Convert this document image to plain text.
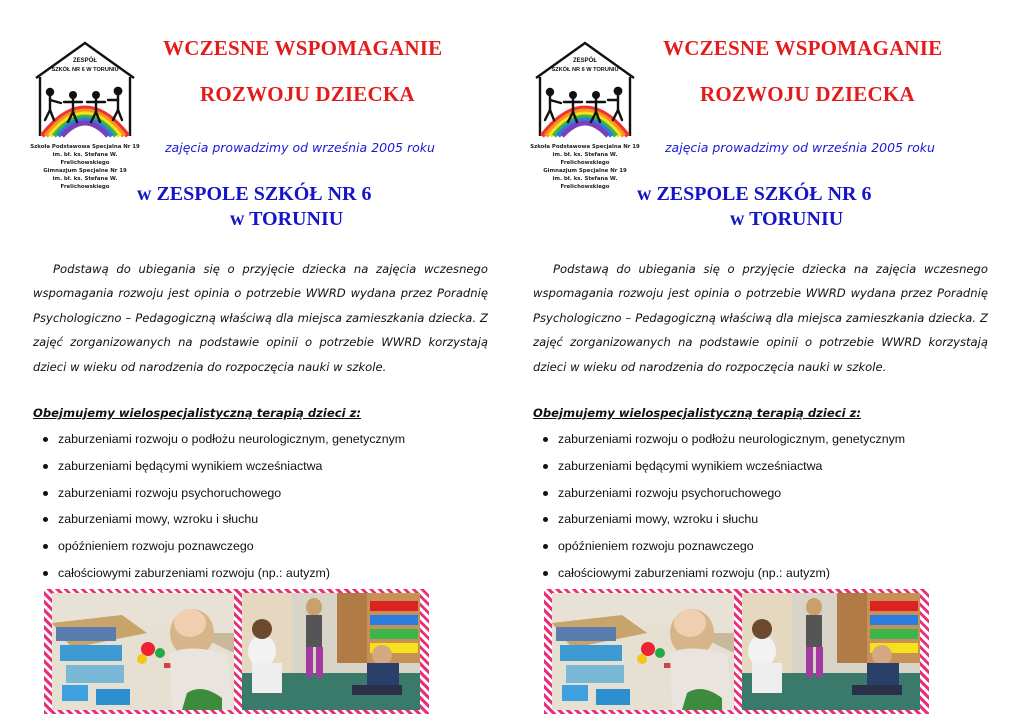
ZESPÓŁ
SZKÓŁ NR 6 W TORUNIU
Szkoła Podstawowa Specjalna Nr 19
im. bł. ks. Stefana W. Frelichowskiego
Gimnazjum Specjalne Nr 19
im. bł. ks. Stefana W. Frelichowskiego
WCZESNE WSPOMAGANIE
ROZWOJU DZIECKA
zajęcia prowadzimy od września 2005 roku
w ZESPOLE SZKÓŁ NR 6
w TORUNIU

Podstawą do ubiegania się o przyjęcie dziecka na zajęcia wczesnego wspomagania rozwoju jest opinia o potrzebie WWRD wydana przez Poradnię Psychologiczno – Pedagogiczną właściwą dla miejsca zamieszkania dziecka. Z zajęć zorganizowanych na podstawie opinii o potrzebie WWRD korzystają dzieci w wieku od narodzenia do rozpoczęcia nauki w szkole.

Obejmujemy wielospecjalistyczną terapią dzieci z:
zaburzeniami rozwoju o podłożu neurologicznym, genetycznym
zaburzeniami będącymi wynikiem wcześniactwa
zaburzeniami rozwoju psychoruchowego
zaburzeniami mowy, wzroku i słuchu
opóźnieniem rozwoju poznawczego
całościowymi zaburzeniami rozwoju (np.: autyzm)
ZESPÓŁ
SZKÓŁ NR 6 W TORUNIU
Szkoła Podstawowa Specjalna Nr 19
im. bł. ks. Stefana W. Frelichowskiego
Gimnazjum Specjalne Nr 19
im. bł. ks. Stefana W. Frelichowskiego
WCZESNE WSPOMAGANIE
ROZWOJU DZIECKA
zajęcia prowadzimy od września 2005 roku
w ZESPOLE SZKÓŁ NR 6
w TORUNIU

Podstawą do ubiegania się o przyjęcie dziecka na zajęcia wczesnego wspomagania rozwoju jest opinia o potrzebie WWRD wydana przez Poradnię Psychologiczno – Pedagogiczną właściwą dla miejsca zamieszkania dziecka. Z zajęć zorganizowanych na podstawie opinii o potrzebie WWRD korzystają dzieci w wieku od narodzenia do rozpoczęcia nauki w szkole.

Obejmujemy wielospecjalistyczną terapią dzieci z:
zaburzeniami rozwoju o podłożu neurologicznym, genetycznym
zaburzeniami będącymi wynikiem wcześniactwa
zaburzeniami rozwoju psychoruchowego
zaburzeniami mowy, wzroku i słuchu
opóźnieniem rozwoju poznawczego
całościowymi zaburzeniami rozwoju (np.: autyzm)
